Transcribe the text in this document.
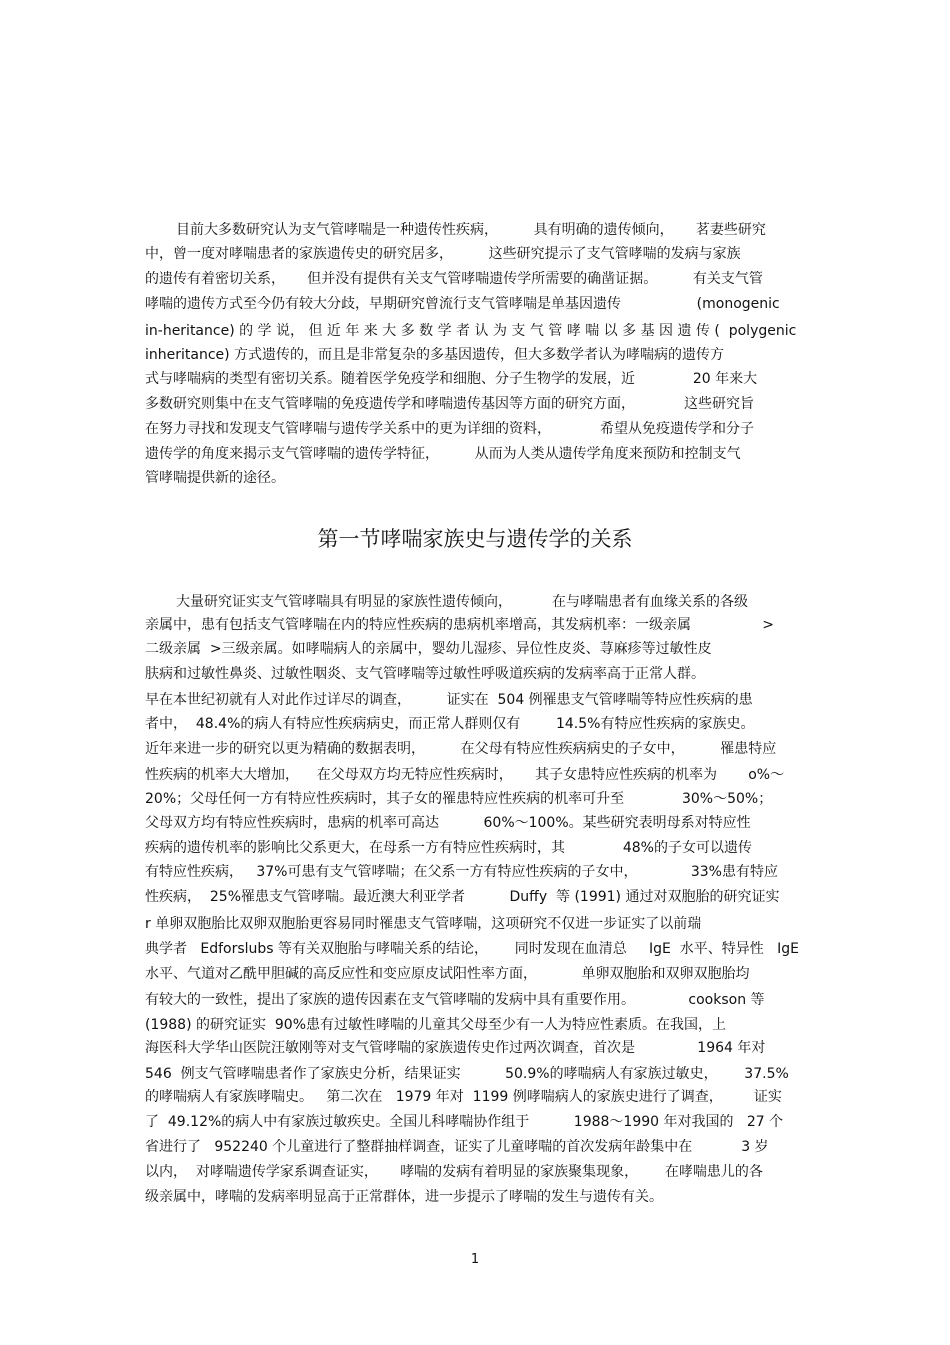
目前大多数研究认为支气管哮喘是一种遗传性疾病，        具有明确的遗传倾向，     茗妻些研究
中，曾一度对哮喘患者的家族遗传史的研究居多，        这些研究提示了支气管哮喘的发病与家族
的遗传有着密切关系，     但并没有提供有关支气管哮喘遗传学所需要的确凿证据。        有关支气管
哮喘的遗传方式至今仍有较大分歧，早期研究曾流行支气管哮喘是单基因遗传                 (monogenic
in-heritance) 的 学 说， 但 近 年 来 大 多 数 学 者 认 为 支 气 管 哮 喘 以 多 基 因 遗 传 (  polygenic
inheritance) 方式遗传的，而且是非常复杂的多基因遗传，但大多数学者认为哮喘病的遗传方
式与哮喘病的类型有密切关系。随着医学免疫学和细胞、分子生物学的发展，近             20 年来大
多数研究则集中在支气管哮喘的免疫遗传学和哮喘遗传基因等方面的研究方面，           这些研究旨
在努力寻找和发现支气管哮喘与遗传学关系中的更为详细的资料，           希望从免疫遗传学和分子
遗传学的角度来揭示支气管哮喘的遗传学特征，        从而为人类从遗传学角度来预防和控制支气
管哮喘提供新的途径。
第一节哮喘家族史与遗传学的关系
大量研究证实支气管哮喘具有明显的家族性遗传倾向，         在与哮喘患者有血缘关系的各级
亲属中，患有包括支气管哮喘在内的特应性疾病的患病机率增高，其发病机率：一级亲属                >
二级亲属  >三级亲属。如哮喘病人的亲属中，婴幼儿湿疹、异位性皮炎、荨麻疹等过敏性皮
肤病和过敏性鼻炎、过敏性咽炎、支气管哮喘等过敏性呼吸道疾病的发病率高于正常人群。
早在本世纪初就有人对此作过详尽的调查，        证实在  504 例罹患支气管哮喘等特应性疾病的患
者中，  48.4%的病人有特应性疾病病史，而正常人群则仅有        14.5%有特应性疾病的家族史。
近年来进一步的研究以更为精确的数据表明，        在父母有特应性疾病病史的子女中，        罹患特应
性疾病的机率大大增加，    在父母双方均无特应性疾病时，     其子女患特应性疾病的机率为       o%～
20%；父母任何一方有特应性疾病时，其子女的罹患特应性疾病的机率可升至             30%～50%；
父母双方均有特应性疾病时，患病的机率可高达          60%～100%。某些研究表明母系对特应性
疾病的遗传机率的影响比父系更大，在母系一方有特应性疾病时，其             48%的子女可以遗传
有特应性疾病，   37%可患有支气管哮喘；在父系一方有特应性疾病的子女中，            33%患有特应
性疾病，  25%罹患支气管哮喘。最近澳大利亚学者          Duffy  等 (1991) 通过对双胞胎的研究证实
r 单卵双胞胎比双卵双胞胎更容易同时罹患支气管哮喘，这项研究不仅进一步证实了以前瑞
典学者   Edforslubs 等有关双胞胎与哮喘关系的结论，      同时发现在血清总     IgE  水平、特异性   IgE
水平、气道对乙酰甲胆碱的高反应性和变应原皮试阳性率方面，          单卵双胞胎和双卵双胞胎均
有较大的一致性，提出了家族的遗传因素在支气管哮喘的发病中具有重要作用。            cookson 等
(1988) 的研究证实  90%患有过敏性哮喘的儿童其父母至少有一人为特应性素质。在我国，上
海医科大学华山医院汪敏刚等对支气管哮喘的家族遗传史作过两次调查，首次是              1964 年对
546  例支气管哮喘患者作了家族史分析，结果证实          50.9%的哮喘病人有家族过敏史，      37.5%
的哮喘病人有家族哮喘史。   第二次在   1979 年对  1199 例哮喘病人的家族史进行了调查，       证实
了  49.12%的病人中有家族过敏疾史。全国儿科哮喘协作组于          1988～1990 年对我国的   27 个
省进行了   952240 个儿童进行了整群抽样调查，证实了儿童哮喘的首次发病年龄集中在           3 岁
以内，  对哮喘遗传学家系调查证实，     哮喘的发病有着明显的家族聚集现象，      在哮喘患儿的各
级亲属中，哮喘的发病率明显高于正常群体，进一步提示了哮喘的发生与遗传有关。
1
